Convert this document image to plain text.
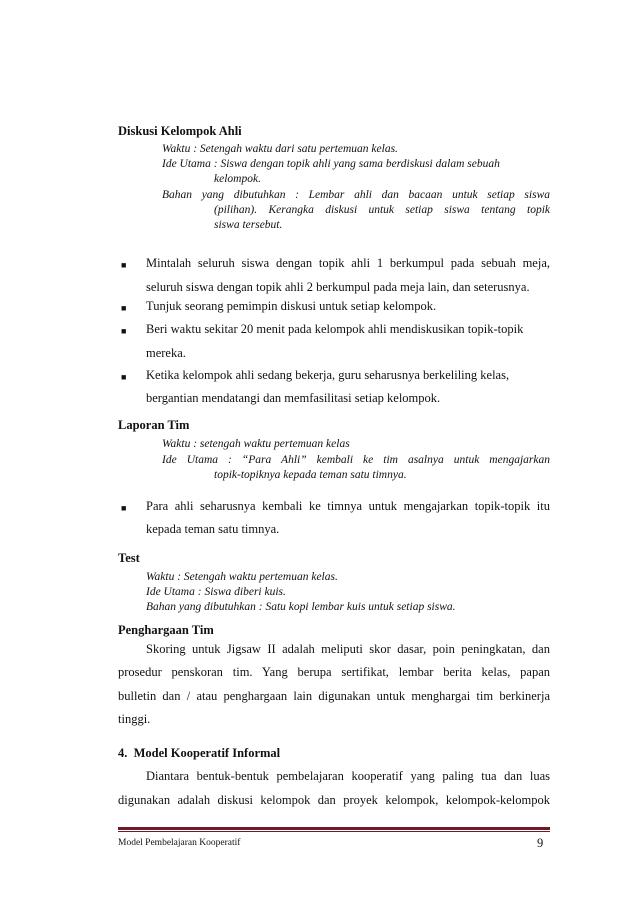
Diskusi Kelompok Ahli
Waktu : Setengah waktu dari satu pertemuan kelas.
Ide Utama : Siswa dengan topik ahli yang sama berdiskusi dalam sebuah
kelompok.
Bahan yang dibutuhkan : Lembar ahli dan bacaan untuk setiap siswa
(pilihan). Kerangka diskusi untuk setiap siswa tentang topik
siswa tersebut.
■ Mintalah seluruh siswa dengan topik ahli 1 berkumpul pada sebuah meja,
seluruh siswa dengan topik ahli 2 berkumpul pada meja lain, dan seterusnya.
■ Tunjuk seorang pemimpin diskusi untuk setiap kelompok.
■ Beri waktu sekitar 20 menit pada kelompok ahli mendiskusikan topik-topik
mereka.
■ Ketika kelompok ahli sedang bekerja, guru seharusnya berkeliling kelas,
bergantian mendatangi dan memfasilitasi setiap kelompok.
Laporan Tim
Waktu : setengah waktu pertemuan kelas
Ide Utama : “Para Ahli” kembali ke tim asalnya untuk mengajarkan
topik-topiknya kepada teman satu timnya.
■ Para ahli seharusnya kembali ke timnya untuk mengajarkan topik-topik itu
kepada teman satu timnya.
Test
Waktu : Setengah waktu pertemuan kelas.
Ide Utama : Siswa diberi kuis.
Bahan yang dibutuhkan : Satu kopi lembar kuis untuk setiap siswa.
Penghargaan Tim
Skoring untuk Jigsaw II adalah meliputi skor dasar, poin peningkatan, dan
prosedur penskoran tim. Yang berupa sertifikat, lembar berita kelas, papan
bulletin dan / atau penghargaan lain digunakan untuk menghargai tim berkinerja
tinggi.
4.  Model Kooperatif Informal
Diantara bentuk-bentuk pembelajaran kooperatif yang paling tua dan luas
digunakan adalah diskusi kelompok dan proyek kelompok, kelompok-kelompok
Model Pembelajaran Kooperatif	9
